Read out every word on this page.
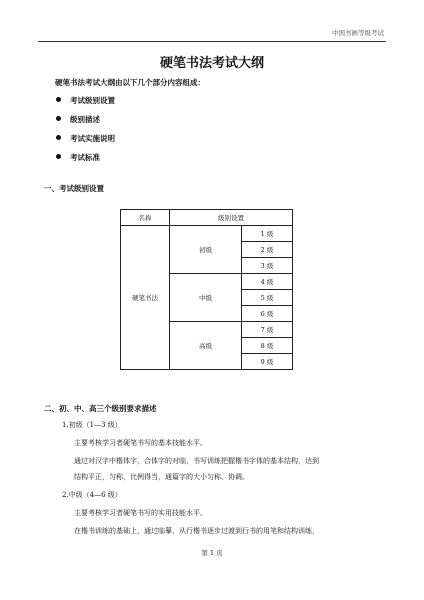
中国书画等级考试
硬笔书法考试大纲
硬笔书法考试大纲由以下几个部分内容组成：
考试级别设置
级别描述
考试实施说明
考试标准
一、考试级别设置
名称	级别设置	
硬笔书法	初级	1 级
		2 级
		3 级
	中级	4 级
		5 级
		6 级
	高级	7 级
		8 级
		9 级
二、初、中、高三个级别要求描述
1.初级（1—3 级）
主要考核学习者硬笔书写的基本技能水平。
通过对汉字中楷体字，合体字的对临，书写训练把握楷书字体的基本结构，达到
结构平正，匀称，比例得当，通篇字的大小匀称、协调。
2.中级（4—6 级）
主要考核学习者硬笔书写的实用技能水平。
在楷书训练的基础上，通过临摹，从行楷书逐步过渡到行书的用笔和结构训练，
第 1 页
